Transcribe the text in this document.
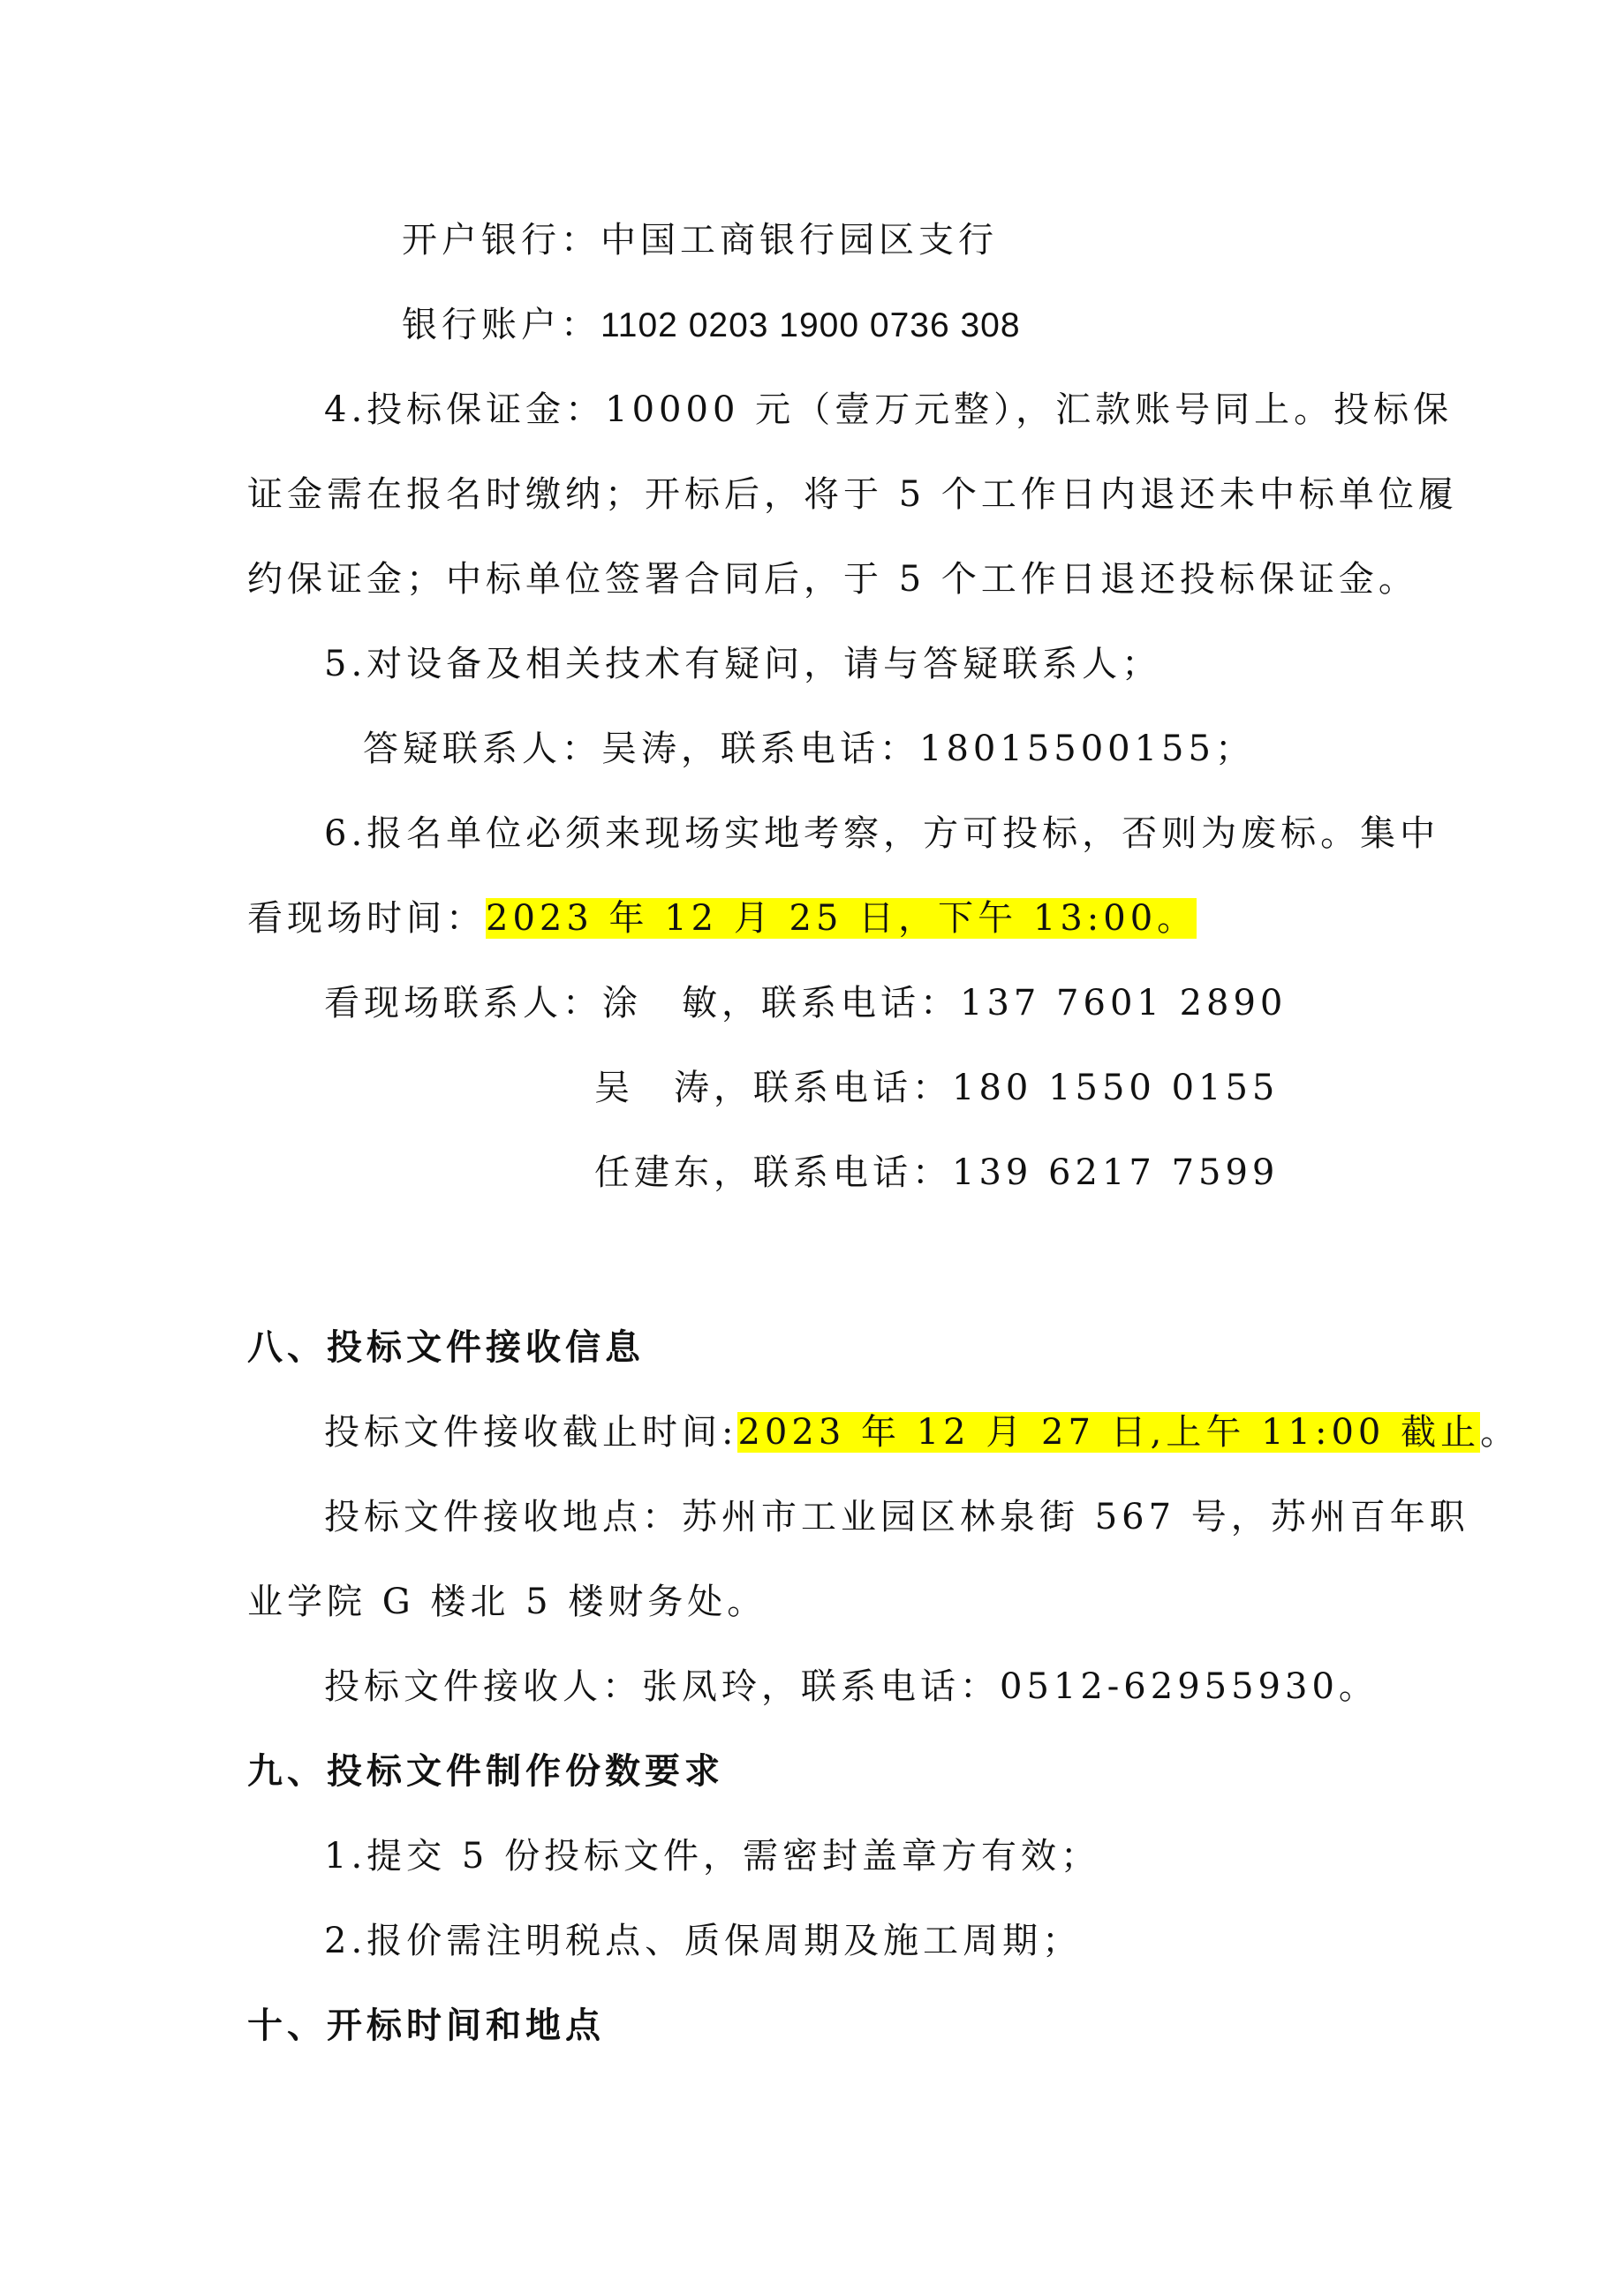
开户银行：中国工商银行园区支行
银行账户：1102 0203 1900 0736 308
4.投标保证金：10000 元（壹万元整），汇款账号同上。投标保
证金需在报名时缴纳；开标后，将于 5 个工作日内退还未中标单位履
约保证金；中标单位签署合同后，于 5 个工作日退还投标保证金。
5.对设备及相关技术有疑问，请与答疑联系人；
答疑联系人：吴涛，联系电话：18015500155；
6.报名单位必须来现场实地考察，方可投标，否则为废标。集中
看现场时间：2023 年 12 月 25 日，下午 13:00。
看现场联系人：涂　敏，联系电话：137 7601 2890
吴　涛，联系电话：180 1550 0155
任建东，联系电话：139 6217 7599
八、投标文件接收信息
投标文件接收截止时间:2023 年 12 月 27 日,上午 11:00 截止。
投标文件接收地点：苏州市工业园区林泉街 567 号，苏州百年职
业学院 G 楼北 5 楼财务处。
投标文件接收人：张凤玲，联系电话：0512-62955930。
九、投标文件制作份数要求
1.提交 5 份投标文件，需密封盖章方有效；
2.报价需注明税点、质保周期及施工周期；
十、开标时间和地点
